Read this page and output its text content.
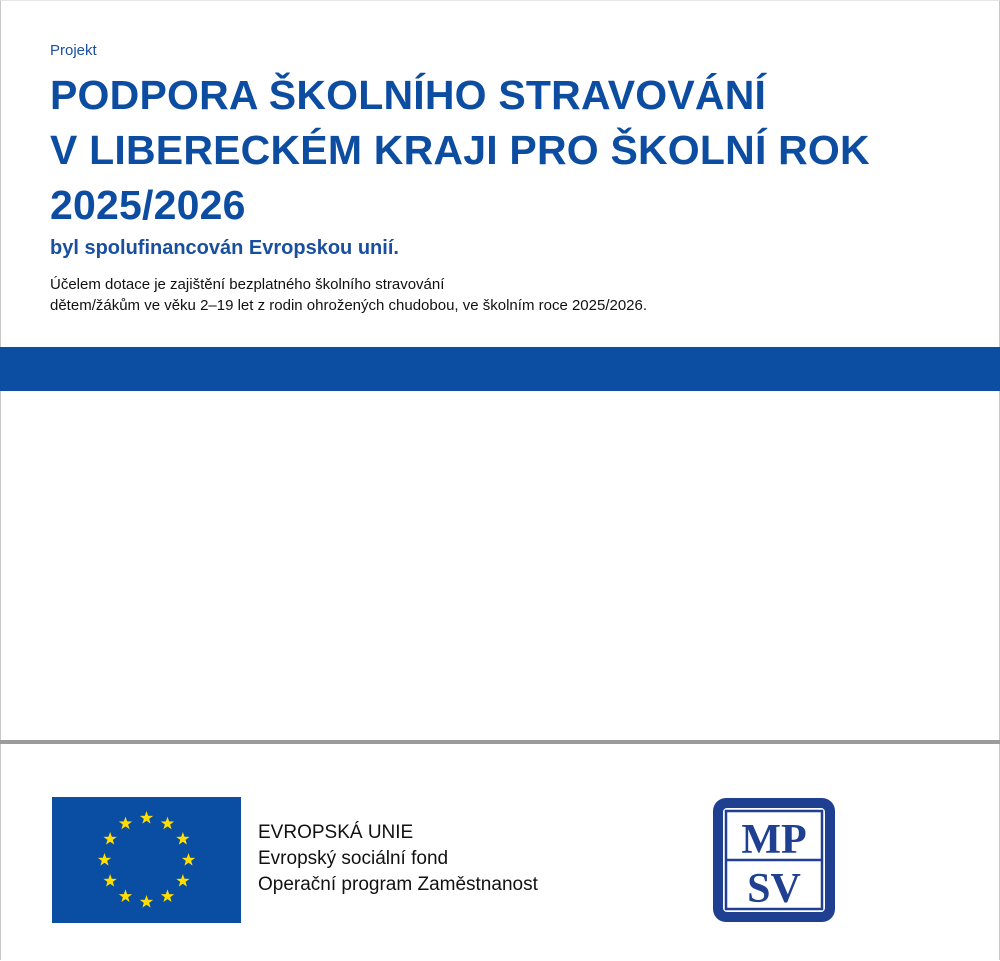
Projekt
PODPORA ŠKOLNÍHO STRAVOVÁNÍ
V LIBERECKÉM KRAJI PRO ŠKOLNÍ ROK
2025/2026
byl spolufinancován Evropskou unií.
Účelem dotace je zajištění bezplatného školního stravování
dětem/žákům ve věku 2–19 let z rodin ohrožených chudobou, ve školním roce 2025/2026.
EVROPSKÁ UNIE
Evropský sociální fond
Operační program Zaměstnanost
MP
SV
